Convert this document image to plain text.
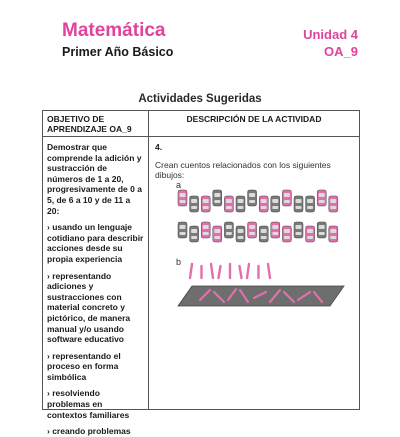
Matemática
Primer Año Básico
Unidad 4
OA_9
Actividades Sugeridas
OBJETIVO DE APRENDIZAJE OA_9
DESCRIPCIÓN DE LA ACTIVIDAD

Demostrar que comprende la adición y sustracción de números de 1 a 20, progresivamente de 0 a 5, de 6 a 10 y de 11 a 20:

› usando un lenguaje cotidiano para describir acciones desde su propia experiencia

› representando adiciones y sustracciones con material concreto y pictórico, de manera manual y/o usando software educativo

› representando el proceso en forma simbólica

› resolviendo problemas en contextos familiares

› creando problemas

4.
Crean cuentos relacionados con los siguientes dibujos:
a
b
